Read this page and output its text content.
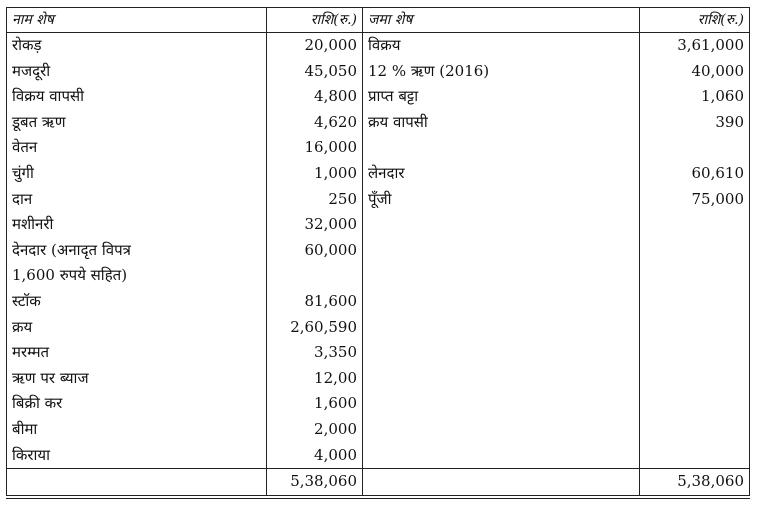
नाम शेष	राशि(रु.)	जमा शेष	राशि(रु.)
रोकड़	20,000	विक्रय	3,61,000
मजदूरी	45,050	12 % ऋण (2016)	40,000
विक्रय वापसी	4,800	प्राप्त बट्टा	1,060
डूबत ऋण	4,620	क्रय वापसी	390
वेतन	16,000		
चुंगी	1,000	लेनदार	60,610
दान	250	पूँजी	75,000
मशीनरी	32,000		
देनदार (अनादृत विपत्र	60,000		
1,600 रुपये सहित)			
स्टॉक	81,600		
क्रय	2,60,590		
मरम्मत	3,350		
ऋण पर ब्याज	12,00		
बिक्री कर	1,600		
बीमा	2,000		
किराया	4,000		
	5,38,060		5,38,060
